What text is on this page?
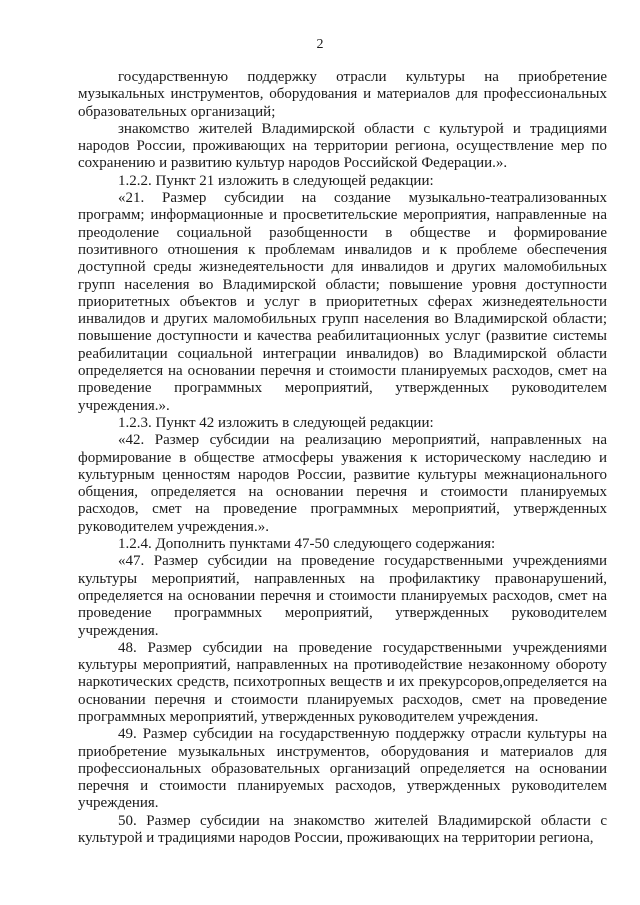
2

государственную поддержку отрасли культуры на приобретение музыкальных инструментов, оборудования и материалов для профессиональных образовательных организаций;

знакомство жителей Владимирской области с культурой и традициями народов России, проживающих на территории региона, осуществление мер по сохранению и развитию культур народов Российской Федерации.».

1.2.2. Пункт 21 изложить в следующей редакции:

«21. Размер субсидии на создание музыкально-театрализованных программ; информационные и просветительские мероприятия, направленные на преодоление социальной разобщенности в обществе и формирование позитивного отношения к проблемам инвалидов и к проблеме обеспечения доступной среды жизнедеятельности для инвалидов и других маломобильных групп населения во Владимирской области; повышение уровня доступности приоритетных объектов и услуг в приоритетных сферах жизнедеятельности инвалидов и других маломобильных групп населения во Владимирской области; повышение доступности и качества реабилитационных услуг (развитие системы реабилитации социальной интеграции инвалидов) во Владимирской области определяется на основании перечня и стоимости планируемых расходов, смет на проведение программных мероприятий, утвержденных руководителем учреждения.».

1.2.3. Пункт 42 изложить в следующей редакции:

«42. Размер субсидии на реализацию мероприятий, направленных на формирование в обществе атмосферы уважения к историческому наследию и культурным ценностям народов России, развитие культуры межнационального общения, определяется на основании перечня и стоимости планируемых расходов, смет на проведение программных мероприятий, утвержденных руководителем учреждения.».

1.2.4. Дополнить пунктами 47-50 следующего содержания:

«47. Размер субсидии на проведение государственными учреждениями культуры мероприятий, направленных на профилактику правонарушений, определяется на основании перечня и стоимости планируемых расходов, смет на проведение программных мероприятий, утвержденных руководителем учреждения.

48. Размер субсидии на проведение государственными учреждениями культуры мероприятий, направленных на противодействие незаконному обороту наркотических средств, психотропных веществ и их прекурсоров,определяется на основании перечня и стоимости планируемых расходов, смет на проведение программных мероприятий, утвержденных руководителем учреждения.

49. Размер субсидии на государственную поддержку отрасли культуры на приобретение музыкальных инструментов, оборудования и материалов для профессиональных образовательных организаций определяется на основании перечня и стоимости планируемых расходов, утвержденных руководителем учреждения.

50. Размер субсидии на знакомство жителей Владимирской области с культурой и традициями народов России, проживающих на территории региона,
